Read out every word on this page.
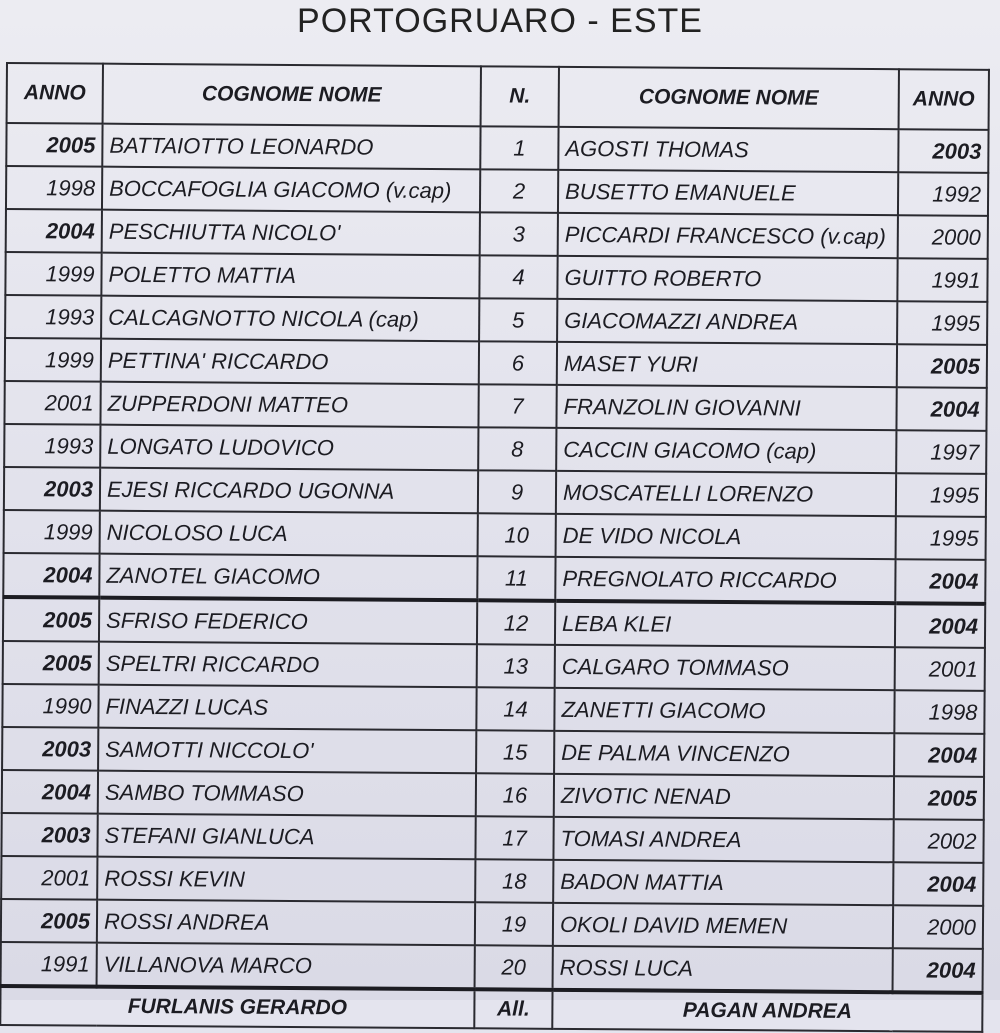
PORTOGRUARO - ESTE
ANNO	COGNOME NOME	N.	COGNOME NOME	ANNO
2005	BATTAIOTTO LEONARDO	1	AGOSTI THOMAS	2003
1998	BOCCAFOGLIA GIACOMO (v.cap)	2	BUSETTO EMANUELE	1992
2004	PESCHIUTTA NICOLO'	3	PICCARDI FRANCESCO (v.cap)	2000
1999	POLETTO MATTIA	4	GUITTO ROBERTO	1991
1993	CALCAGNOTTO NICOLA (cap)	5	GIACOMAZZI ANDREA	1995
1999	PETTINA' RICCARDO	6	MASET YURI	2005
2001	ZUPPERDONI MATTEO	7	FRANZOLIN GIOVANNI	2004
1993	LONGATO LUDOVICO	8	CACCIN GIACOMO (cap)	1997
2003	EJESI RICCARDO UGONNA	9	MOSCATELLI LORENZO	1995
1999	NICOLOSO LUCA	10	DE VIDO NICOLA	1995
2004	ZANOTEL GIACOMO	11	PREGNOLATO RICCARDO	2004
2005	SFRISO FEDERICO	12	LEBA KLEI	2004
2005	SPELTRI RICCARDO	13	CALGARO TOMMASO	2001
1990	FINAZZI LUCAS	14	ZANETTI GIACOMO	1998
2003	SAMOTTI NICCOLO'	15	DE PALMA VINCENZO	2004
2004	SAMBO TOMMASO	16	ZIVOTIC NENAD	2005
2003	STEFANI GIANLUCA	17	TOMASI ANDREA	2002
2001	ROSSI KEVIN	18	BADON MATTIA	2004
2005	ROSSI ANDREA	19	OKOLI DAVID MEMEN	2000
1991	VILLANOVA MARCO	20	ROSSI LUCA	2004
FURLANIS GERARDO		All.	PAGAN ANDREA	
